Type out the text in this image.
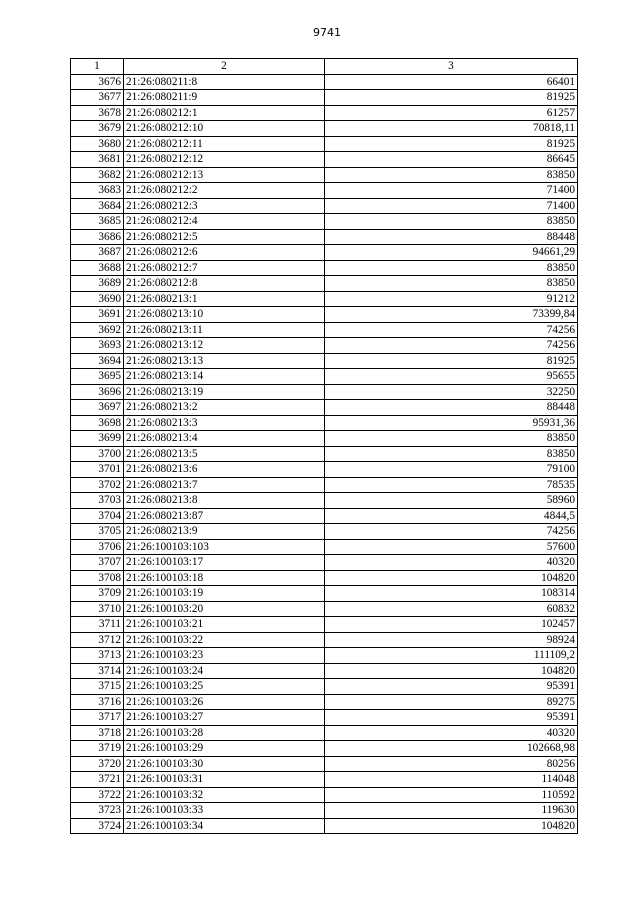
9741
1	2	3
3676	21:26:080211:8	66401
3677	21:26:080211:9	81925
3678	21:26:080212:1	61257
3679	21:26:080212:10	70818,11
3680	21:26:080212:11	81925
3681	21:26:080212:12	86645
3682	21:26:080212:13	83850
3683	21:26:080212:2	71400
3684	21:26:080212:3	71400
3685	21:26:080212:4	83850
3686	21:26:080212:5	88448
3687	21:26:080212:6	94661,29
3688	21:26:080212:7	83850
3689	21:26:080212:8	83850
3690	21:26:080213:1	91212
3691	21:26:080213:10	73399,84
3692	21:26:080213:11	74256
3693	21:26:080213:12	74256
3694	21:26:080213:13	81925
3695	21:26:080213:14	95655
3696	21:26:080213:19	32250
3697	21:26:080213:2	88448
3698	21:26:080213:3	95931,36
3699	21:26:080213:4	83850
3700	21:26:080213:5	83850
3701	21:26:080213:6	79100
3702	21:26:080213:7	78535
3703	21:26:080213:8	58960
3704	21:26:080213:87	4844,5
3705	21:26:080213:9	74256
3706	21:26:100103:103	57600
3707	21:26:100103:17	40320
3708	21:26:100103:18	104820
3709	21:26:100103:19	108314
3710	21:26:100103:20	60832
3711	21:26:100103:21	102457
3712	21:26:100103:22	98924
3713	21:26:100103:23	111109,2
3714	21:26:100103:24	104820
3715	21:26:100103:25	95391
3716	21:26:100103:26	89275
3717	21:26:100103:27	95391
3718	21:26:100103:28	40320
3719	21:26:100103:29	102668,98
3720	21:26:100103:30	80256
3721	21:26:100103:31	114048
3722	21:26:100103:32	110592
3723	21:26:100103:33	119630
3724	21:26:100103:34	104820
